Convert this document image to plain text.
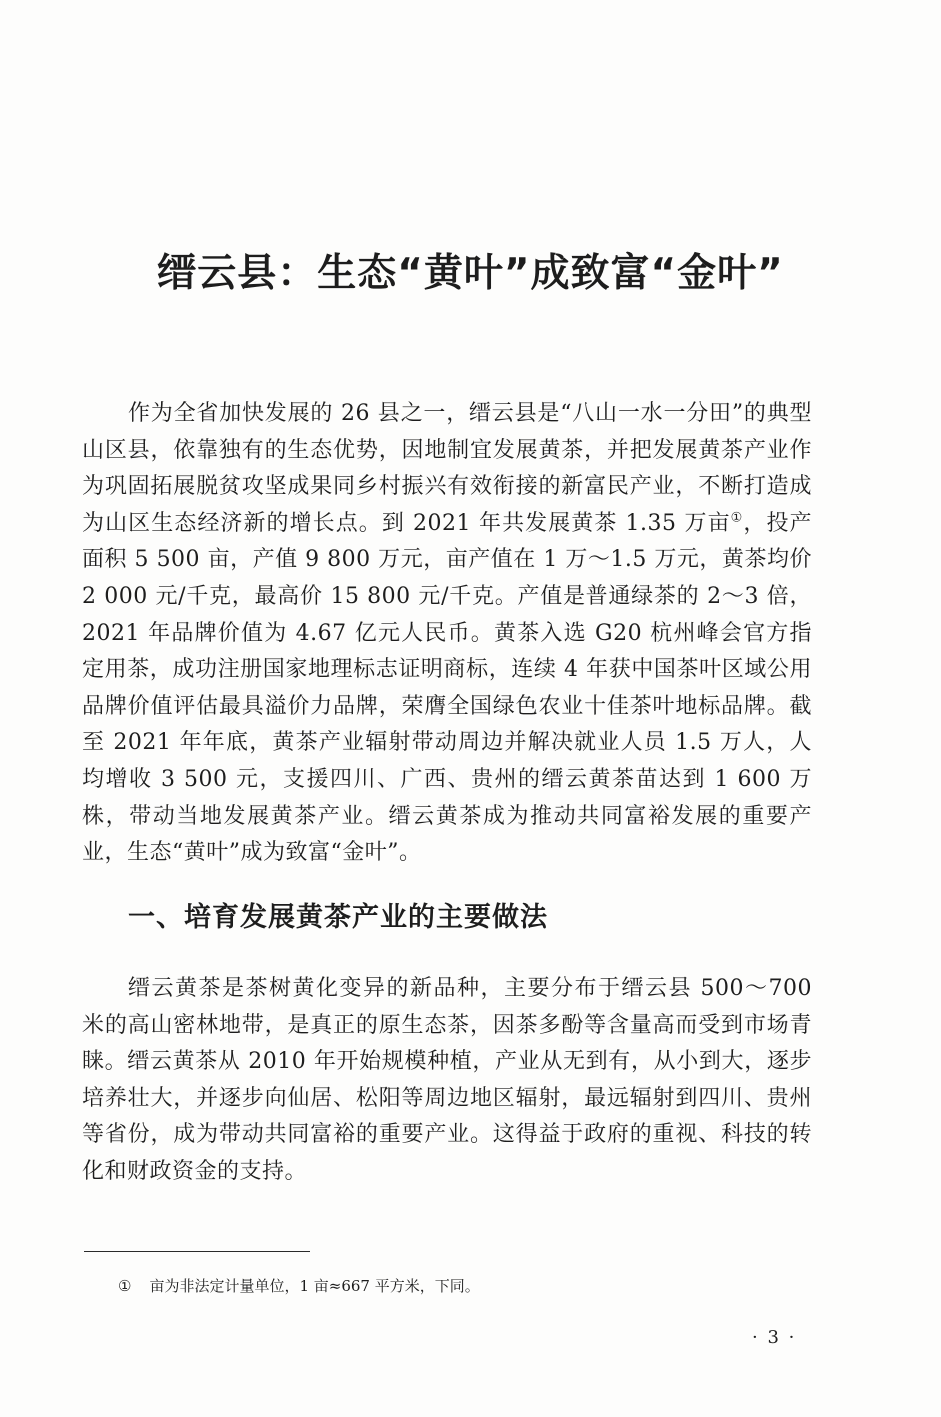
缙云县：生态“黄叶”成致富“金叶”

作为全省加快发展的 26 县之一，缙云县是“八山一水一分田”的典型山区县，依靠独有的生态优势，因地制宜发展黄茶，并把发展黄茶产业作为巩固拓展脱贫攻坚成果同乡村振兴有效衔接的新富民产业，不断打造成为山区生态经济新的增长点。到 2021 年共发展黄茶 1.35 万亩①，投产面积 5 500 亩，产值 9 800 万元，亩产值在 1 万～1.5 万元，黄茶均价 2 000 元/千克，最高价 15 800 元/千克。产值是普通绿茶的 2～3 倍，2021 年品牌价值为 4.67 亿元人民币。黄茶入选 G20 杭州峰会官方指定用茶，成功注册国家地理标志证明商标，连续 4 年获中国茶叶区域公用品牌价值评估最具溢价力品牌，荣膺全国绿色农业十佳茶叶地标品牌。截至 2021 年年底，黄茶产业辐射带动周边并解决就业人员 1.5 万人，人均增收 3 500 元，支援四川、广西、贵州的缙云黄茶苗达到 1 600 万株，带动当地发展黄茶产业。缙云黄茶成为推动共同富裕发展的重要产业，生态“黄叶”成为致富“金叶”。

一、培育发展黄茶产业的主要做法

缙云黄茶是茶树黄化变异的新品种，主要分布于缙云县 500～700 米的高山密林地带，是真正的原生态茶，因茶多酚等含量高而受到市场青睐。缙云黄茶从 2010 年开始规模种植，产业从无到有，从小到大，逐步培养壮大，并逐步向仙居、松阳等周边地区辐射，最远辐射到四川、贵州等省份，成为带动共同富裕的重要产业。这得益于政府的重视、科技的转化和财政资金的支持。

① 亩为非法定计量单位，1 亩≈667 平方米，下同。

· 3 ·
